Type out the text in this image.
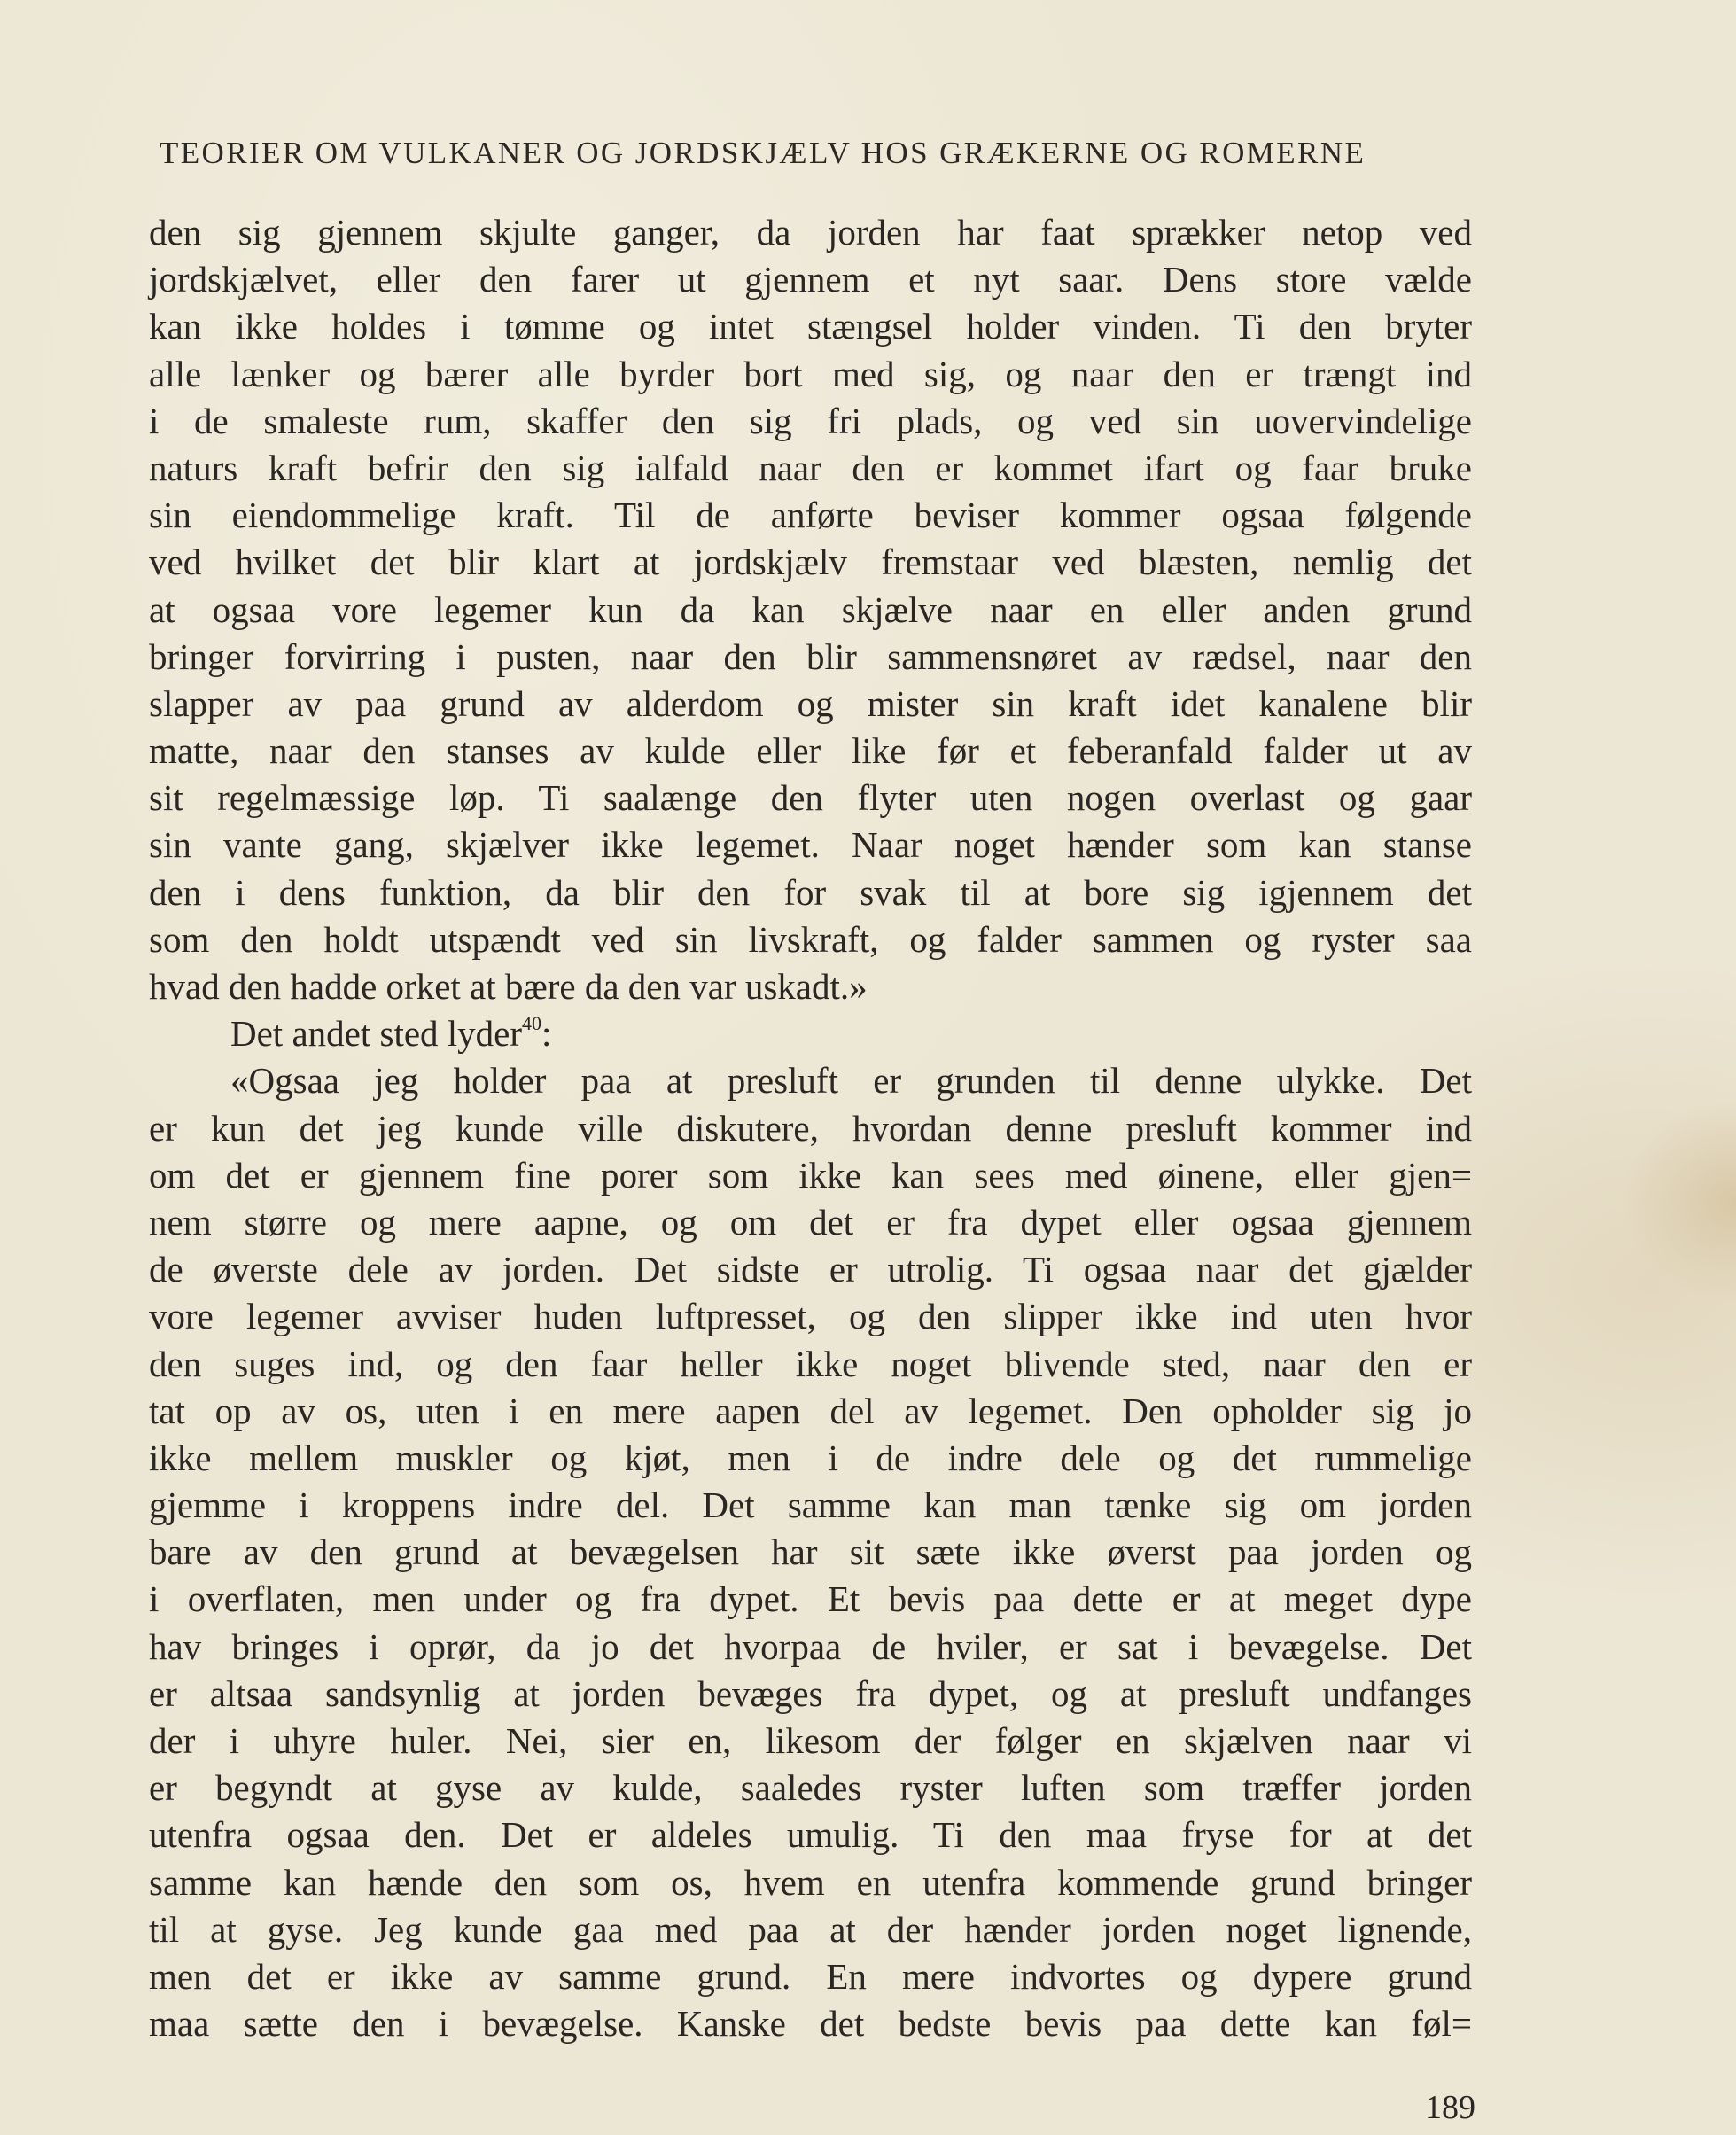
TEORIER OM VULKANER OG JORDSKJÆLV HOS GRÆKERNE OG ROMERNE
den sig gjennem skjulte ganger, da jorden har faat sprækker netop ved
jordskjælvet, eller den farer ut gjennem et nyt saar. Dens store vælde
kan ikke holdes i tømme og intet stængsel holder vinden. Ti den bryter
alle lænker og bærer alle byrder bort med sig, og naar den er trængt ind
i de smaleste rum, skaffer den sig fri plads, og ved sin uovervindelige
naturs kraft befrir den sig ialfald naar den er kommet ifart og faar bruke
sin eiendommelige kraft. Til de anførte beviser kommer ogsaa følgende
ved hvilket det blir klart at jordskjælv fremstaar ved blæsten, nemlig det
at ogsaa vore legemer kun da kan skjælve naar en eller anden grund
bringer forvirring i pusten, naar den blir sammensnøret av rædsel, naar den
slapper av paa grund av alderdom og mister sin kraft idet kanalene blir
matte, naar den stanses av kulde eller like før et feberanfald falder ut av
sit regelmæssige løp. Ti saalænge den flyter uten nogen overlast og gaar
sin vante gang, skjælver ikke legemet. Naar noget hænder som kan stanse
den i dens funktion, da blir den for svak til at bore sig igjennem det
som den holdt utspændt ved sin livskraft, og falder sammen og ryster saa
hvad den hadde orket at bære da den var uskadt.»
Det andet sted lyder$^{40}$:
«Ogsaa jeg holder paa at presluft er grunden til denne ulykke. Det
er kun det jeg kunde ville diskutere, hvordan denne presluft kommer ind
om det er gjennem fine porer som ikke kan sees med øinene, eller gjen=
nem større og mere aapne, og om det er fra dypet eller ogsaa gjennem
de øverste dele av jorden. Det sidste er utrolig. Ti ogsaa naar det gjælder
vore legemer avviser huden luftpresset, og den slipper ikke ind uten hvor
den suges ind, og den faar heller ikke noget blivende sted, naar den er
tat op av os, uten i en mere aapen del av legemet. Den opholder sig jo
ikke mellem muskler og kjøt, men i de indre dele og det rummelige
gjemme i kroppens indre del. Det samme kan man tænke sig om jorden
bare av den grund at bevægelsen har sit sæte ikke øverst paa jorden og
i overflaten, men under og fra dypet. Et bevis paa dette er at meget dype
hav bringes i oprør, da jo det hvorpaa de hviler, er sat i bevægelse. Det
er altsaa sandsynlig at jorden bevæges fra dypet, og at presluft undfanges
der i uhyre huler. Nei, sier en, likesom der følger en skjælven naar vi
er begyndt at gyse av kulde, saaledes ryster luften som træffer jorden
utenfra ogsaa den. Det er aldeles umulig. Ti den maa fryse for at det
samme kan hænde den som os, hvem en utenfra kommende grund bringer
til at gyse. Jeg kunde gaa med paa at der hænder jorden noget lignende,
men det er ikke av samme grund. En mere indvortes og dypere grund
maa sætte den i bevægelse. Kanske det bedste bevis paa dette kan føl=
189
